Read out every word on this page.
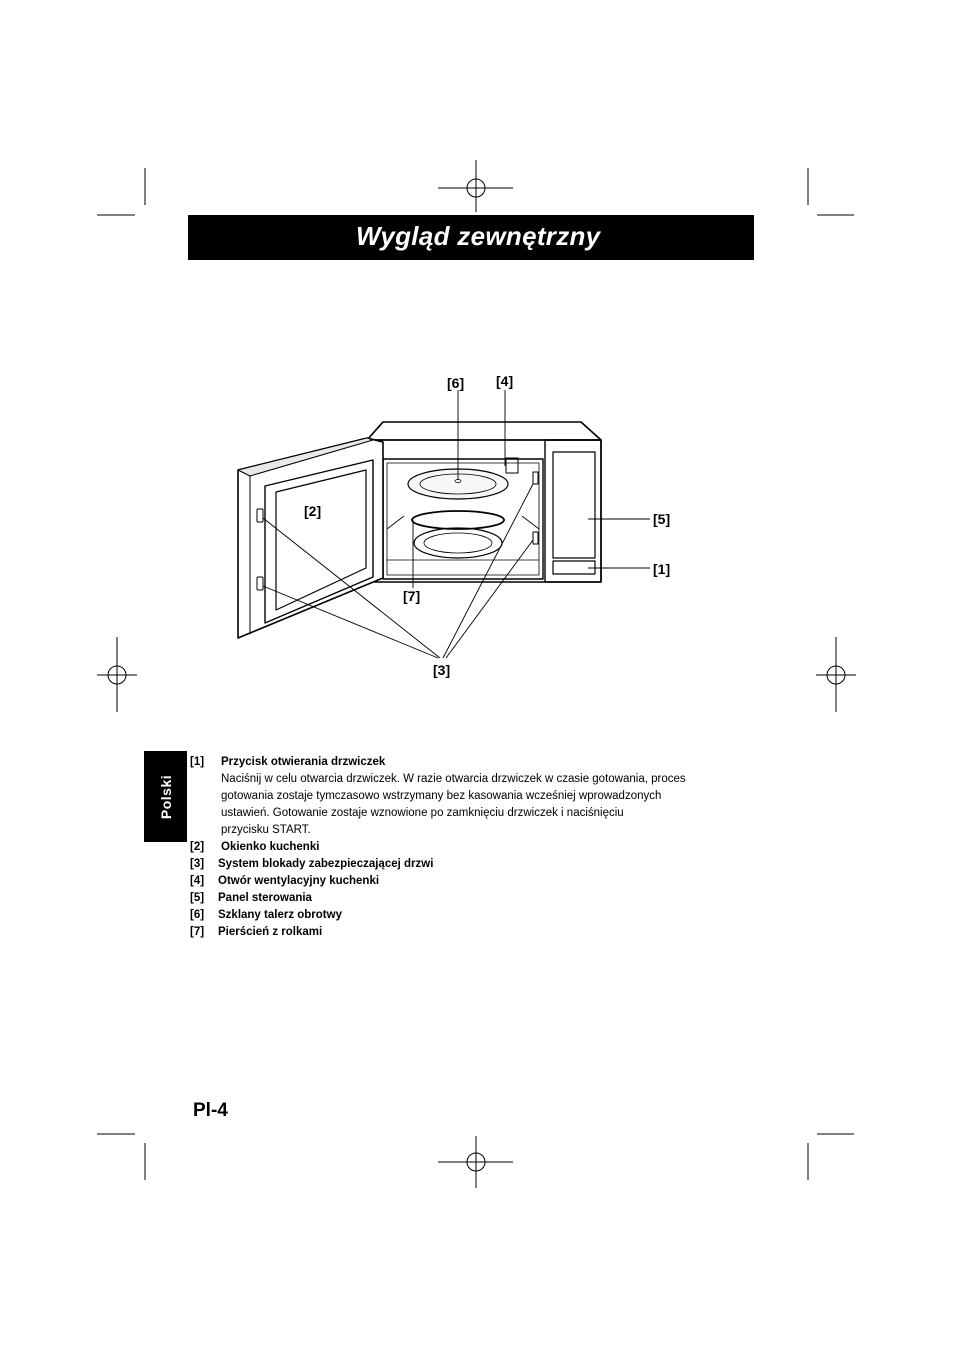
Wygląd zewnętrzny
[6] [4]
[2]	[5]
[1]
[7]
[3]
Polski
[1] Przycisk otwierania drzwiczek
Naciśnij w celu otwarcia drzwiczek. W razie otwarcia drzwiczek w czasie gotowania, proces
gotowania zostaje tymczasowo wstrzymany bez kasowania wcześniej wprowadzonych
ustawień. Gotowanie zostaje wznowione po zamknięciu drzwiczek i naciśnięciu
przycisku START.
[2] Okienko kuchenki
[3] System blokady zabezpieczającej drzwi
[4] Otwór wentylacyjny kuchenki
[5] Panel sterowania
[6] Szklany talerz obrotwy
[7] Pierścień z rolkami
Pl-4
